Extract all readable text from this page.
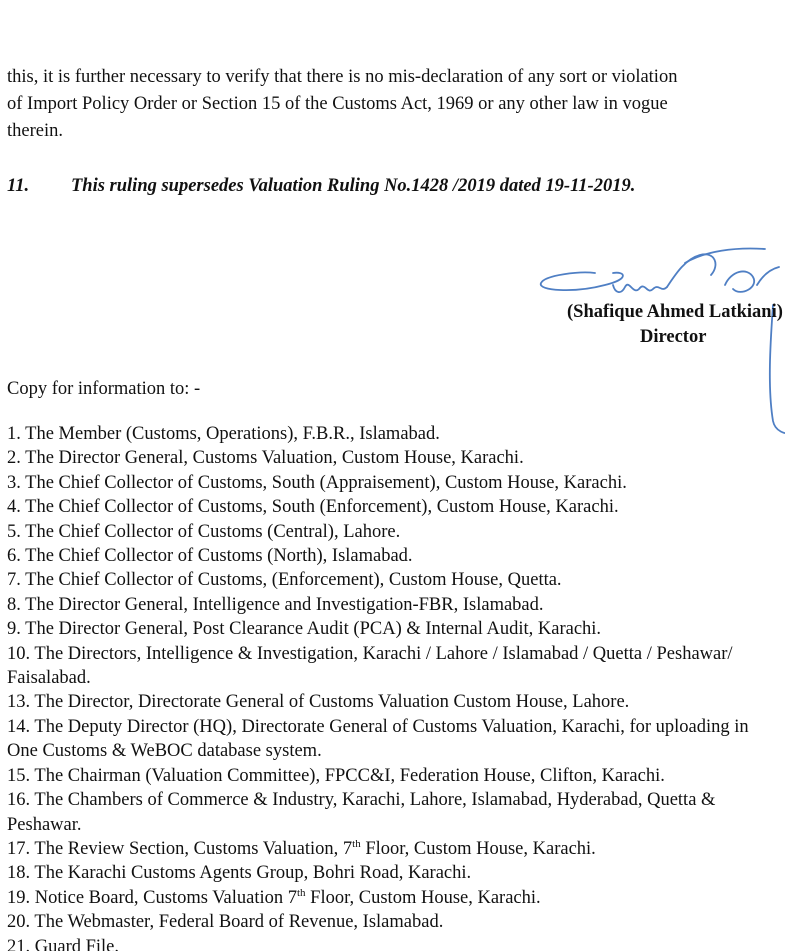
this, it is further necessary to verify that there is no mis-declaration of any sort or violation
of Import Policy Order or Section 15 of the Customs Act, 1969 or any other law in vogue
therein.
11. This ruling supersedes Valuation Ruling No.1428 /2019 dated 19-11-2019.
(Shafique Ahmed Latkiani)
Director
Copy for information to: -
1. The Member (Customs, Operations), F.B.R., Islamabad.
2. The Director General, Customs Valuation, Custom House, Karachi.
3. The Chief Collector of Customs, South (Appraisement), Custom House, Karachi.
4. The Chief Collector of Customs, South (Enforcement), Custom House, Karachi.
5. The Chief Collector of Customs (Central), Lahore.
6. The Chief Collector of Customs (North), Islamabad.
7. The Chief Collector of Customs, (Enforcement), Custom House, Quetta.
8. The Director General, Intelligence and Investigation-FBR, Islamabad.
9. The Director General, Post Clearance Audit (PCA) & Internal Audit, Karachi.
10. The Directors, Intelligence & Investigation, Karachi / Lahore / Islamabad / Quetta / Peshawar/ Faisalabad.
13. The Director, Directorate General of Customs Valuation Custom House, Lahore.
14. The Deputy Director (HQ), Directorate General of Customs Valuation, Karachi, for uploading in One Customs & WeBOC database system.
15. The Chairman (Valuation Committee), FPCC&I, Federation House, Clifton, Karachi.
16. The Chambers of Commerce & Industry, Karachi, Lahore, Islamabad, Hyderabad, Quetta & Peshawar.
17. The Review Section, Customs Valuation, 7th Floor, Custom House, Karachi.
18. The Karachi Customs Agents Group, Bohri Road, Karachi.
19. Notice Board, Customs Valuation 7th Floor, Custom House, Karachi.
20. The Webmaster, Federal Board of Revenue, Islamabad.
21. Guard File.
